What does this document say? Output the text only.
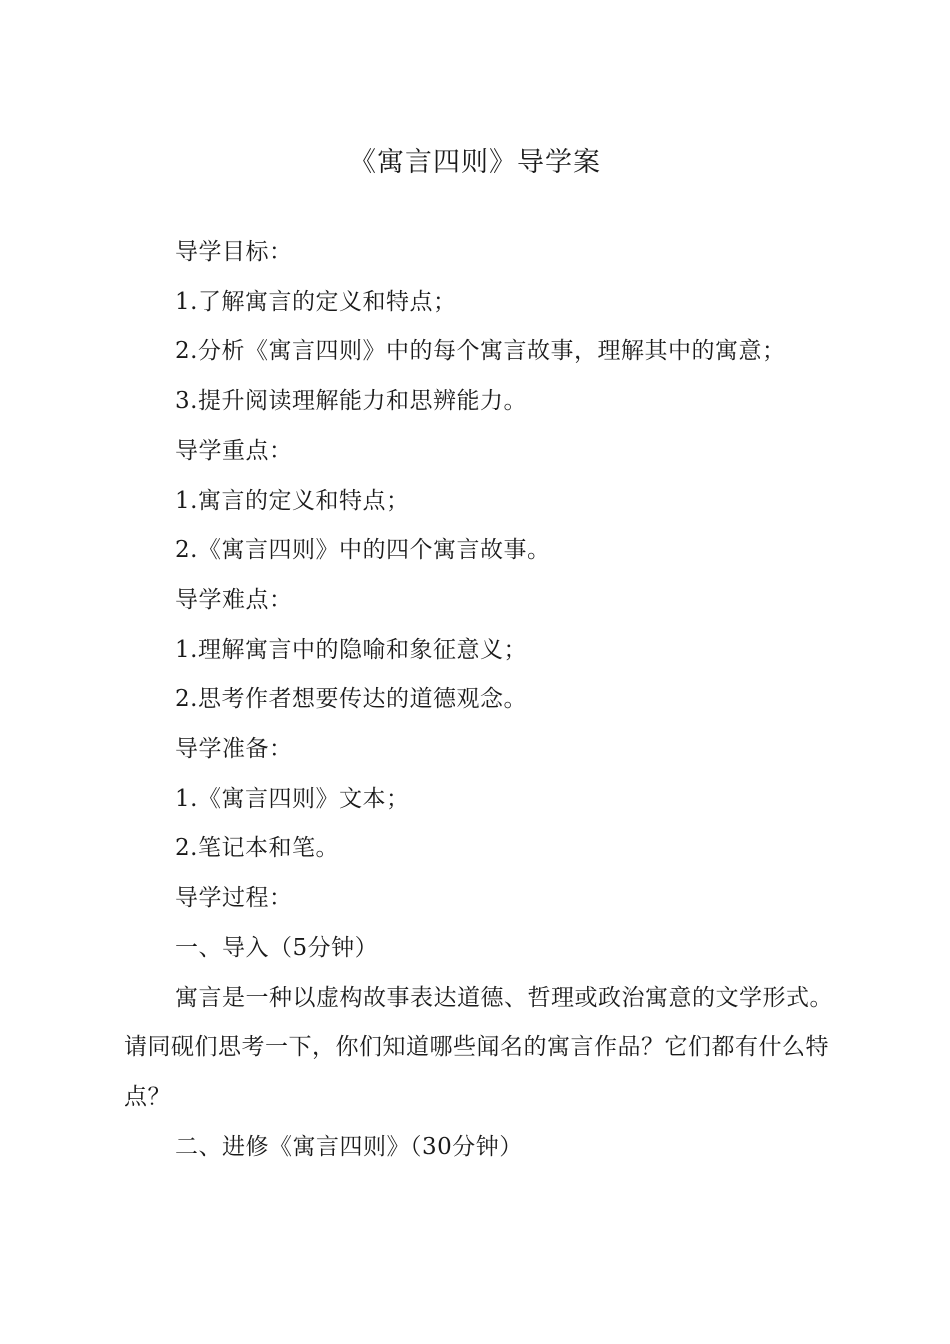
《寓言四则》导学案
导学目标：
1.了解寓言的定义和特点；
2.分析《寓言四则》中的每个寓言故事，理解其中的寓意；
3.提升阅读理解能力和思辨能力。
导学重点：
1.寓言的定义和特点；
2.《寓言四则》中的四个寓言故事。
导学难点：
1.理解寓言中的隐喻和象征意义；
2.思考作者想要传达的道德观念。
导学准备：
1.《寓言四则》文本；
2.笔记本和笔。
导学过程：
一、导入（5分钟）
寓言是一种以虚构故事表达道德、哲理或政治寓意的文学形式。请同砚们思考一下，你们知道哪些闻名的寓言作品？它们都有什么特点？
二、进修《寓言四则》（30分钟）
